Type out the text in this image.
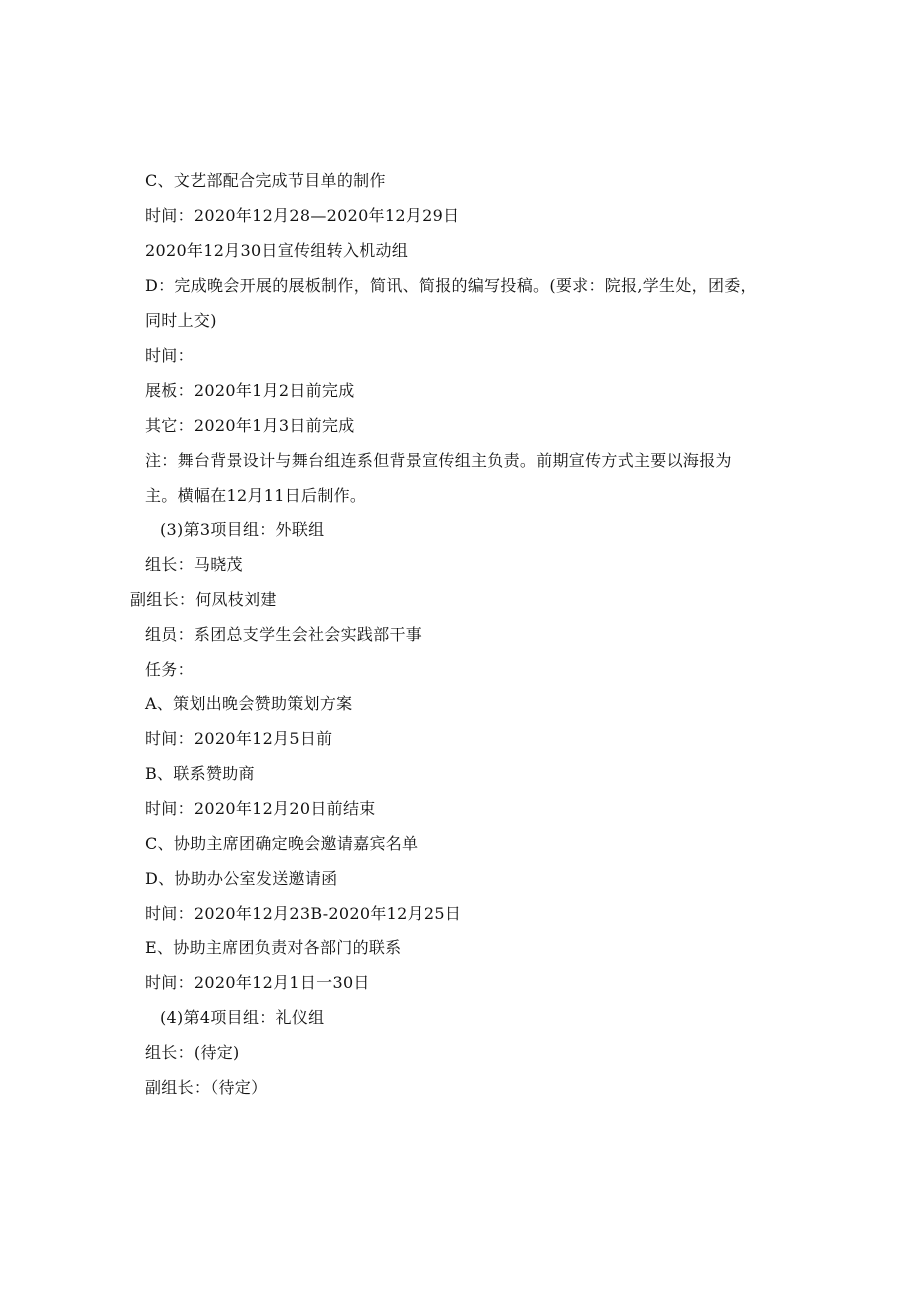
C、文艺部配合完成节目单的制作
时间：2020年12月28—2020年12月29日
2020年12月30日宣传组转入机动组
D：完成晚会开展的展板制作，简讯、简报的编写投稿。(要求：院报,学生处，团委，
同时上交)
时间：
展板：2020年1月2日前完成
其它：2020年1月3日前完成
注：舞台背景设计与舞台组连系但背景宣传组主负责。前期宣传方式主要以海报为
主。横幅在12月11日后制作。
(3)第3项目组：外联组
组长：马晓茂
副组长：何凤枝刘建
组员：系团总支学生会社会实践部干事
任务：
A、策划出晚会赞助策划方案
时间：2020年12月5日前
B、联系赞助商
时间：2020年12月20日前结束
C、协助主席团确定晚会邀请嘉宾名单
D、协助办公室发送邀请函
时间：2020年12月23B-2020年12月25日
E、协助主席团负责对各部门的联系
时间：2020年12月1日一30日
(4)第4项目组：礼仪组
组长：(待定)
副组长：（待定）
